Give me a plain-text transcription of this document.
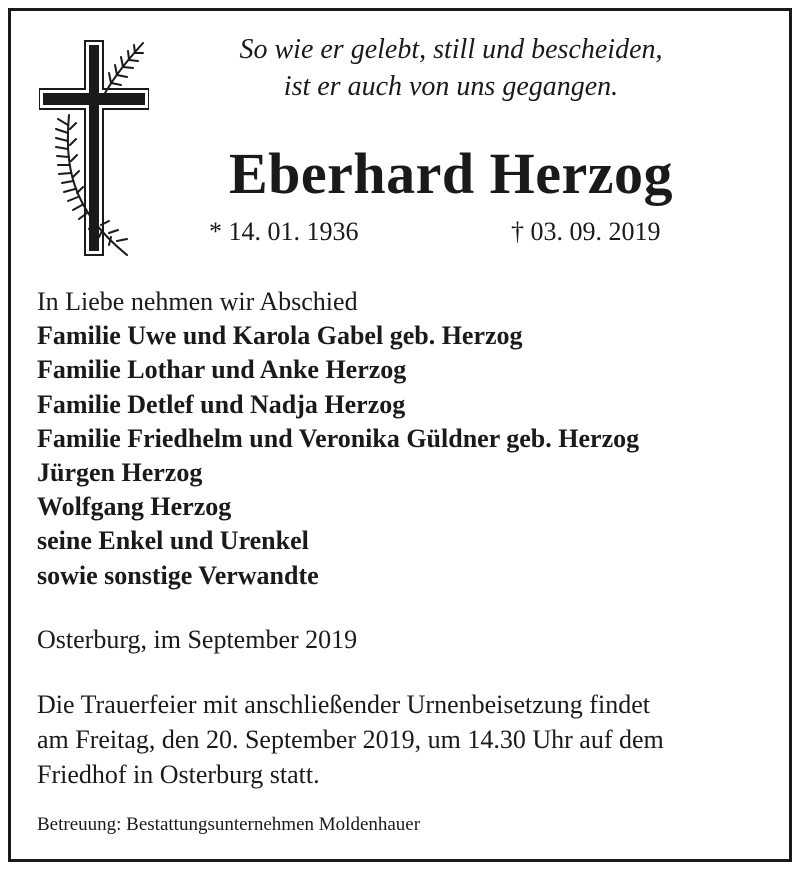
So wie er gelebt, still und bescheiden,
ist er auch von uns gegangen.
Eberhard Herzog
* 14. 01. 1936	† 03. 09. 2019
In Liebe nehmen wir Abschied
Familie Uwe und Karola Gabel geb. Herzog
Familie Lothar und Anke Herzog
Familie Detlef und Nadja Herzog
Familie Friedhelm und Veronika Güldner geb. Herzog
Jürgen Herzog
Wolfgang Herzog
seine Enkel und Urenkel
sowie sonstige Verwandte
Osterburg, im September 2019
Die Trauerfeier mit anschließender Urnenbeisetzung findet
am Freitag, den 20. September 2019, um 14.30 Uhr auf dem
Friedhof in Osterburg statt.
Betreuung: Bestattungsunternehmen Moldenhauer
